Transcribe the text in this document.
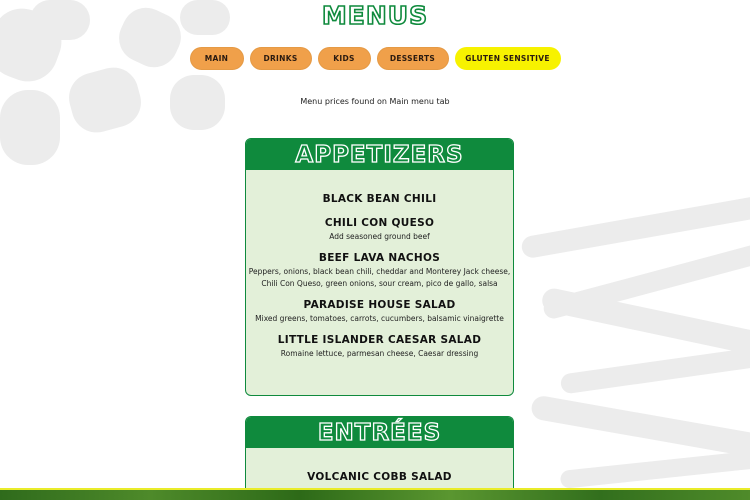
MENUS
MAIN	DRINKS	KIDS	DESSERTS	GLUTEN SENSITIVE
Menu prices found on Main menu tab
APPETIZERS
BLACK BEAN CHILI
CHILI CON QUESO
Add seasoned ground beef
BEEF LAVA NACHOS
Peppers, onions, black bean chili, cheddar and Monterey Jack cheese,
Chili Con Queso, green onions, sour cream, pico de gallo, salsa
PARADISE HOUSE SALAD
Mixed greens, tomatoes, carrots, cucumbers, balsamic vinaigrette
LITTLE ISLANDER CAESAR SALAD
Romaine lettuce, parmesan cheese, Caesar dressing
ENTRÉES
VOLCANIC COBB SALAD
